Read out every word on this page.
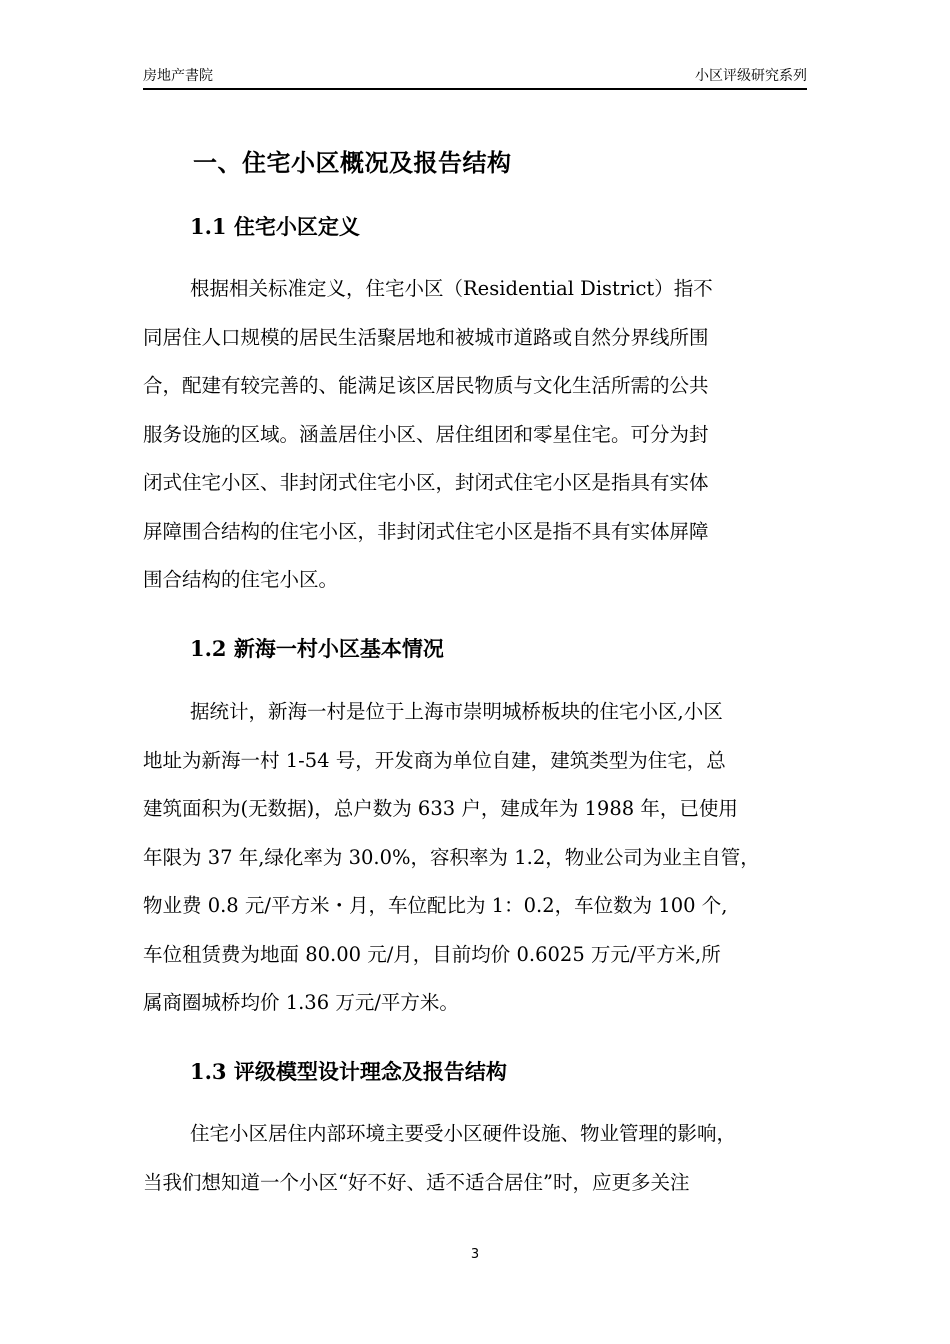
房地产書院	小区评级研究系列
一、住宅小区概况及报告结构
1.1 住宅小区定义
根据相关标准定义，住宅小区（Residential District）指不
同居住人口规模的居民生活聚居地和被城市道路或自然分界线所围
合，配建有较完善的、能满足该区居民物质与文化生活所需的公共
服务设施的区域。涵盖居住小区、居住组团和零星住宅。可分为封
闭式住宅小区、非封闭式住宅小区，封闭式住宅小区是指具有实体
屏障围合结构的住宅小区，非封闭式住宅小区是指不具有实体屏障
围合结构的住宅小区。
1.2 新海一村小区基本情况
据统计，新海一村是位于上海市崇明城桥板块的住宅小区,小区
地址为新海一村 1-54 号，开发商为单位自建，建筑类型为住宅，总
建筑面积为(无数据)，总户数为 633 户，建成年为 1988 年，已使用
年限为 37 年,绿化率为 30.0%，容积率为 1.2，物业公司为业主自管，
物业费 0.8 元/平方米・月，车位配比为 1：0.2，车位数为 100 个,
车位租赁费为地面 80.00 元/月，目前均价 0.6025 万元/平方米,所
属商圈城桥均价 1.36 万元/平方米。
1.3 评级模型设计理念及报告结构
住宅小区居住内部环境主要受小区硬件设施、物业管理的影响，
当我们想知道一个小区“好不好、适不适合居住”时，应更多关注
3
